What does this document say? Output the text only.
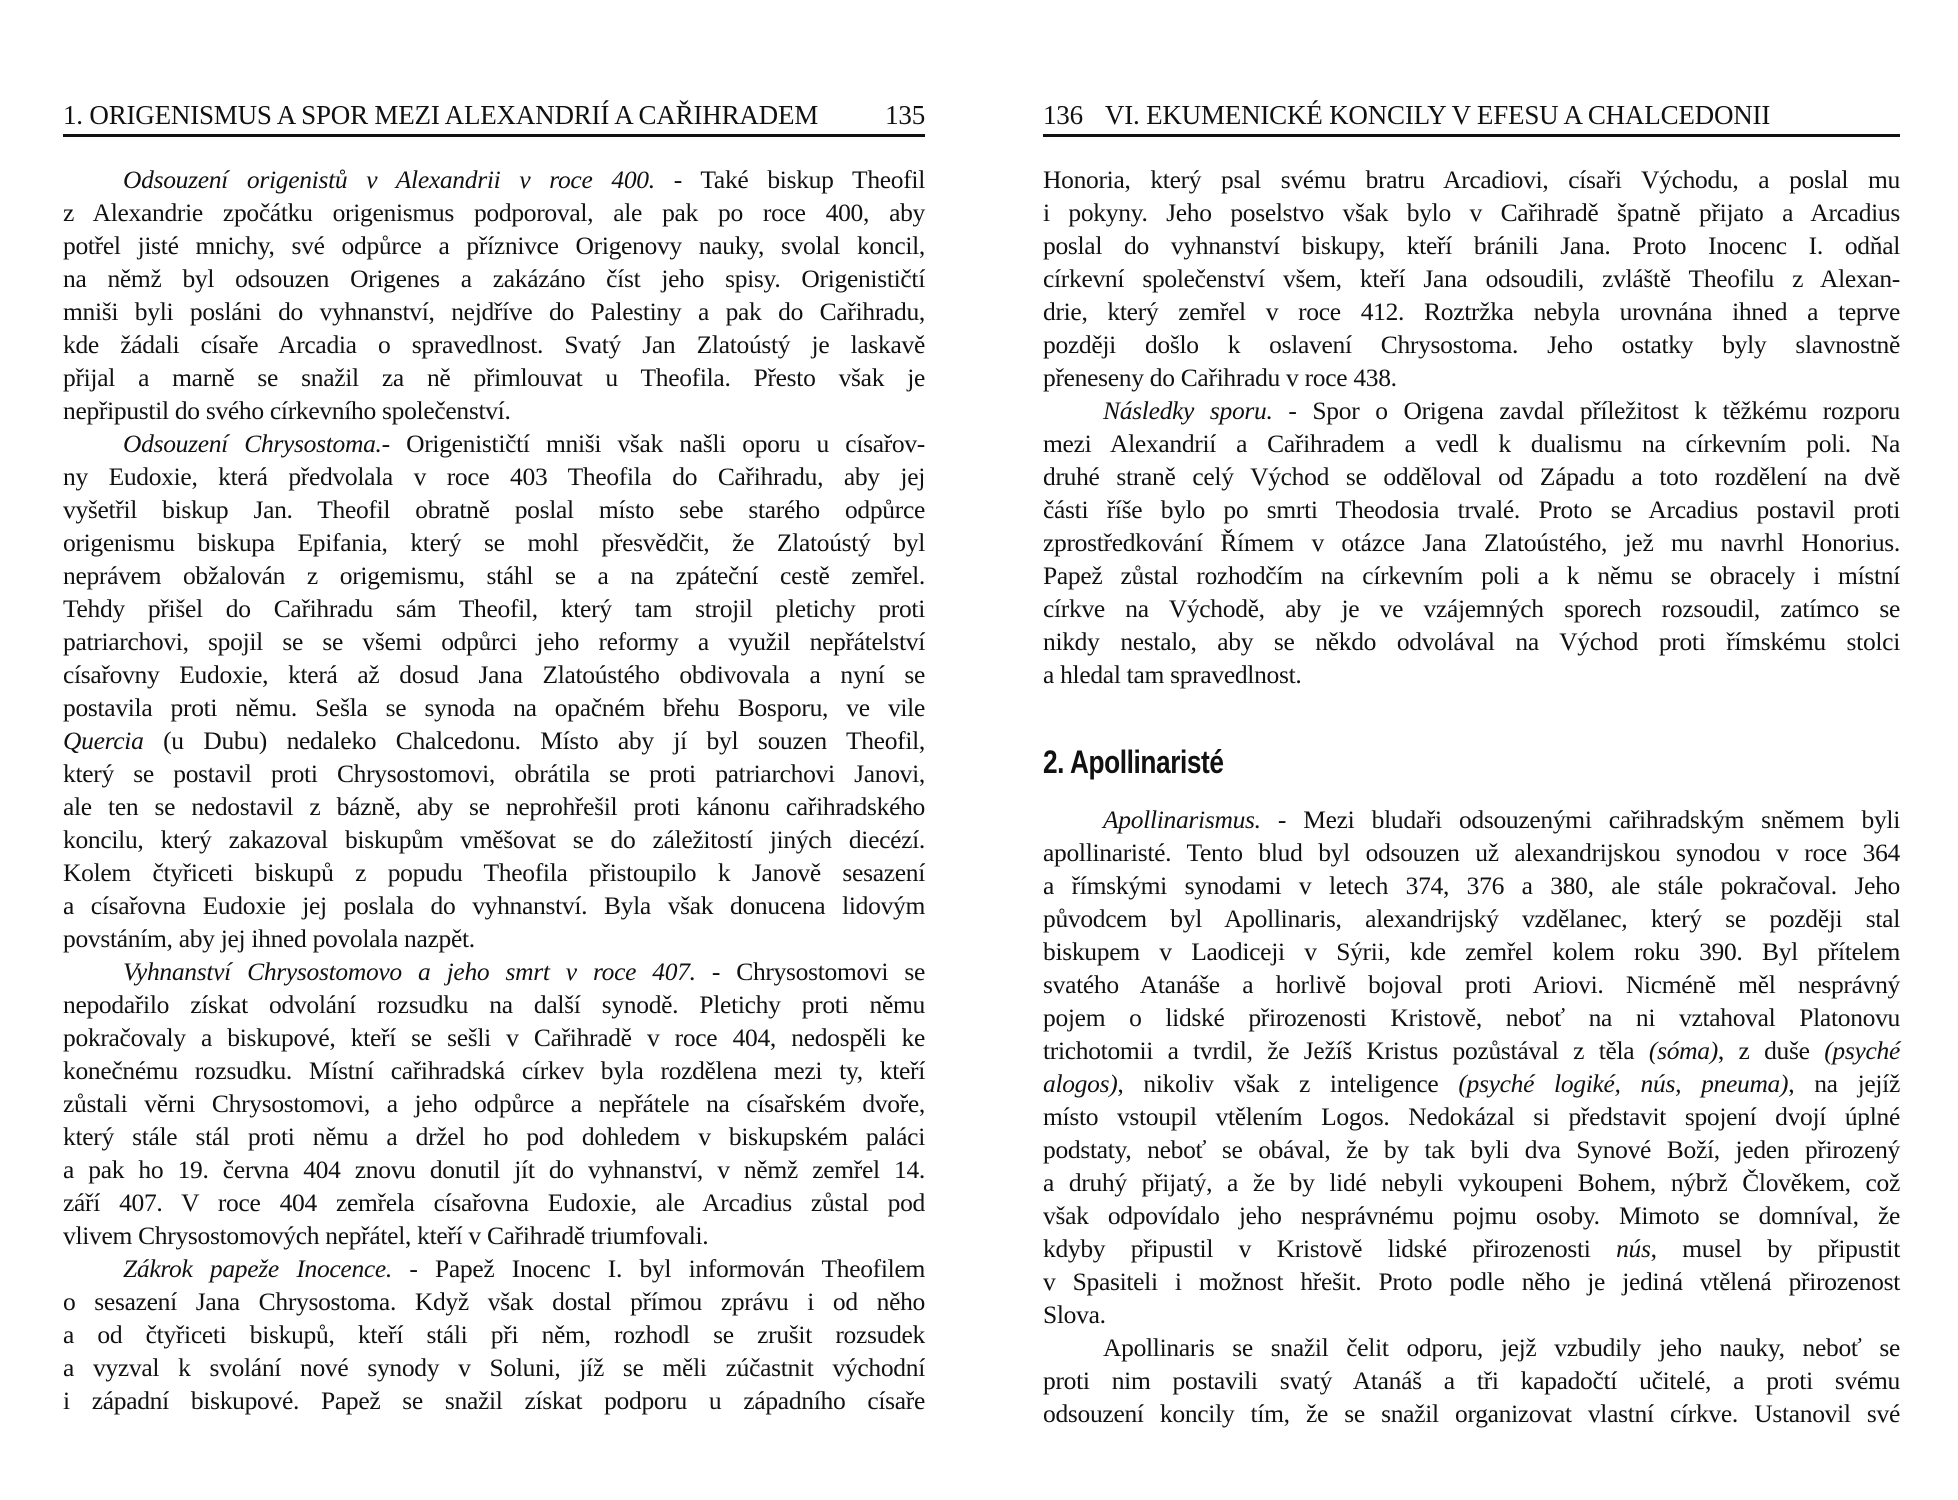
1. ORIGENISMUS A SPOR MEZI ALEXANDRIÍ A CAŘIHRADEM 135
Odsouzení origenistů v Alexandrii v roce 400. - Také biskup Theofil
z Alexandrie zpočátku origenismus podporoval, ale pak po roce 400, aby
potřel jisté mnichy, své odpůrce a příznivce Origenovy nauky, svolal koncil,
na němž byl odsouzen Origenes a zakázáno číst jeho spisy. Origenističtí
mniši byli posláni do vyhnanství, nejdříve do Palestiny a pak do Cařihradu,
kde žádali císaře Arcadia o spravedlnost. Svatý Jan Zlatoústý je laskavě
přijal a marně se snažil za ně přimlouvat u Theofila. Přesto však je
nepřipustil do svého církevního společenství.
Odsouzení Chrysostoma.- Origenističtí mniši však našli oporu u císařov-
ny Eudoxie, která předvolala v roce 403 Theofila do Cařihradu, aby jej
vyšetřil biskup Jan. Theofil obratně poslal místo sebe starého odpůrce
origenismu biskupa Epifania, který se mohl přesvědčit, že Zlatoústý byl
neprávem obžalován z origemismu, stáhl se a na zpáteční cestě zemřel.
Tehdy přišel do Cařihradu sám Theofil, který tam strojil pletichy proti
patriarchovi, spojil se se všemi odpůrci jeho reformy a využil nepřátelství
císařovny Eudoxie, která až dosud Jana Zlatoústého obdivovala a nyní se
postavila proti němu. Sešla se synoda na opačném břehu Bosporu, ve vile
Quercia (u Dubu) nedaleko Chalcedonu. Místo aby jí byl souzen Theofil,
který se postavil proti Chrysostomovi, obrátila se proti patriarchovi Janovi,
ale ten se nedostavil z bázně, aby se neprohřešil proti kánonu cařihradského
koncilu, který zakazoval biskupům vměšovat se do záležitostí jiných diecézí.
Kolem čtyřiceti biskupů z popudu Theofila přistoupilo k Janově sesazení
a císařovna Eudoxie jej poslala do vyhnanství. Byla však donucena lidovým
povstáním, aby jej ihned povolala nazpět.
Vyhnanství Chrysostomovo a jeho smrt v roce 407. - Chrysostomovi se
nepodařilo získat odvolání rozsudku na další synodě. Pletichy proti němu
pokračovaly a biskupové, kteří se sešli v Cařihradě v roce 404, nedospěli ke
konečnému rozsudku. Místní cařihradská církev byla rozdělena mezi ty, kteří
zůstali věrni Chrysostomovi, a jeho odpůrce a nepřátele na císařském dvoře,
který stále stál proti němu a držel ho pod dohledem v biskupském paláci
a pak ho 19. června 404 znovu donutil jít do vyhnanství, v němž zemřel 14.
září 407. V roce 404 zemřela císařovna Eudoxie, ale Arcadius zůstal pod
vlivem Chrysostomových nepřátel, kteří v Cařihradě triumfovali.
Zákrok papeže Inocence. - Papež Inocenc I. byl informován Theofilem
o sesazení Jana Chrysostoma. Když však dostal přímou zprávu i od něho
a od čtyřiceti biskupů, kteří stáli při něm, rozhodl se zrušit rozsudek
a vyzval k svolání nové synody v Soluni, jíž se měli zúčastnit východní
i západní biskupové. Papež se snažil získat podporu u západního císaře
136 VI. EKUMENICKÉ KONCILY V EFESU A CHALCEDONII
Honoria, který psal svému bratru Arcadiovi, císaři Východu, a poslal mu
i pokyny. Jeho poselstvo však bylo v Cařihradě špatně přijato a Arcadius
poslal do vyhnanství biskupy, kteří bránili Jana. Proto Inocenc I. odňal
církevní společenství všem, kteří Jana odsoudili, zvláště Theofilu z Alexan-
drie, který zemřel v roce 412. Roztržka nebyla urovnána ihned a teprve
později došlo k oslavení Chrysostoma. Jeho ostatky byly slavnostně
přeneseny do Cařihradu v roce 438.
Následky sporu. - Spor o Origena zavdal příležitost k těžkému rozporu
mezi Alexandrií a Cařihradem a vedl k dualismu na církevním poli. Na
druhé straně celý Východ se odděloval od Západu a toto rozdělení na dvě
části říše bylo po smrti Theodosia trvalé. Proto se Arcadius postavil proti
zprostředkování Římem v otázce Jana Zlatoústého, jež mu navrhl Honorius.
Papež zůstal rozhodčím na církevním poli a k němu se obracely i místní
církve na Východě, aby je ve vzájemných sporech rozsoudil, zatímco se
nikdy nestalo, aby se někdo odvolával na Východ proti římskému stolci
a hledal tam spravedlnost.
2. Apollinaristé
Apollinarismus. - Mezi bludaři odsouzenými cařihradským sněmem byli
apollinaristé. Tento blud byl odsouzen už alexandrijskou synodou v roce 364
a římskými synodami v letech 374, 376 a 380, ale stále pokračoval. Jeho
původcem byl Apollinaris, alexandrijský vzdělanec, který se později stal
biskupem v Laodiceji v Sýrii, kde zemřel kolem roku 390. Byl přítelem
svatého Atanáše a horlivě bojoval proti Ariovi. Nicméně měl nesprávný
pojem o lidské přirozenosti Kristově, neboť na ni vztahoval Platonovu
trichotomii a tvrdil, že Ježíš Kristus pozůstával z těla (sóma), z duše (psyché
alogos), nikoliv však z inteligence (psyché logiké, nús, pneuma), na jejíž
místo vstoupil vtělením Logos. Nedokázal si představit spojení dvojí úplné
podstaty, neboť se obával, že by tak byli dva Synové Boží, jeden přirozený
a druhý přijatý, a že by lidé nebyli vykoupeni Bohem, nýbrž Člověkem, což
však odpovídalo jeho nesprávnému pojmu osoby. Mimoto se domníval, že
kdyby připustil v Kristově lidské přirozenosti nús, musel by připustit
v Spasiteli i možnost hřešit. Proto podle něho je jediná vtělená přirozenost
Slova.
Apollinaris se snažil čelit odporu, jejž vzbudily jeho nauky, neboť se
proti nim postavili svatý Atanáš a tři kapadočtí učitelé, a proti svému
odsouzení koncily tím, že se snažil organizovat vlastní církve. Ustanovil své
